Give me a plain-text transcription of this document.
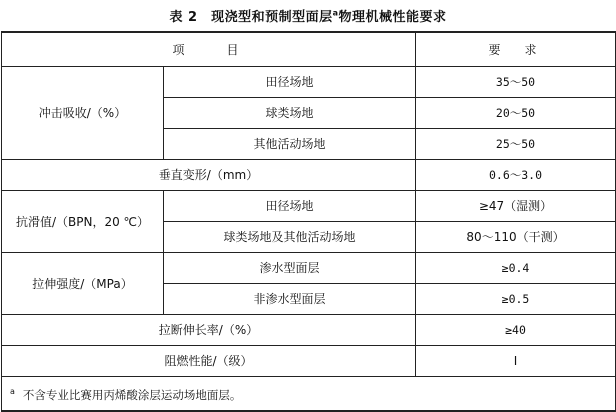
表 2　现浇型和预制型面层$^a$物理机械性能要求
项　　目		要　求
冲击吸收/（%）	田径场地	35～50
	球类场地	20～50
	其他活动场地	25～50
垂直变形/（mm）		0.6～3.0
抗滑值/（BPN，20 ℃）	田径场地	≥47（湿测）
	球类场地及其他活动场地	80～110（干测）
拉伸强度/（MPa）	渗水型面层	≥0.4
	非渗水型面层	≥0.5
拉断伸长率/（%）		≥40
阻燃性能/（级）		Ⅰ
$^a$ 不含专业比赛用丙烯酸涂层运动场地面层。		
